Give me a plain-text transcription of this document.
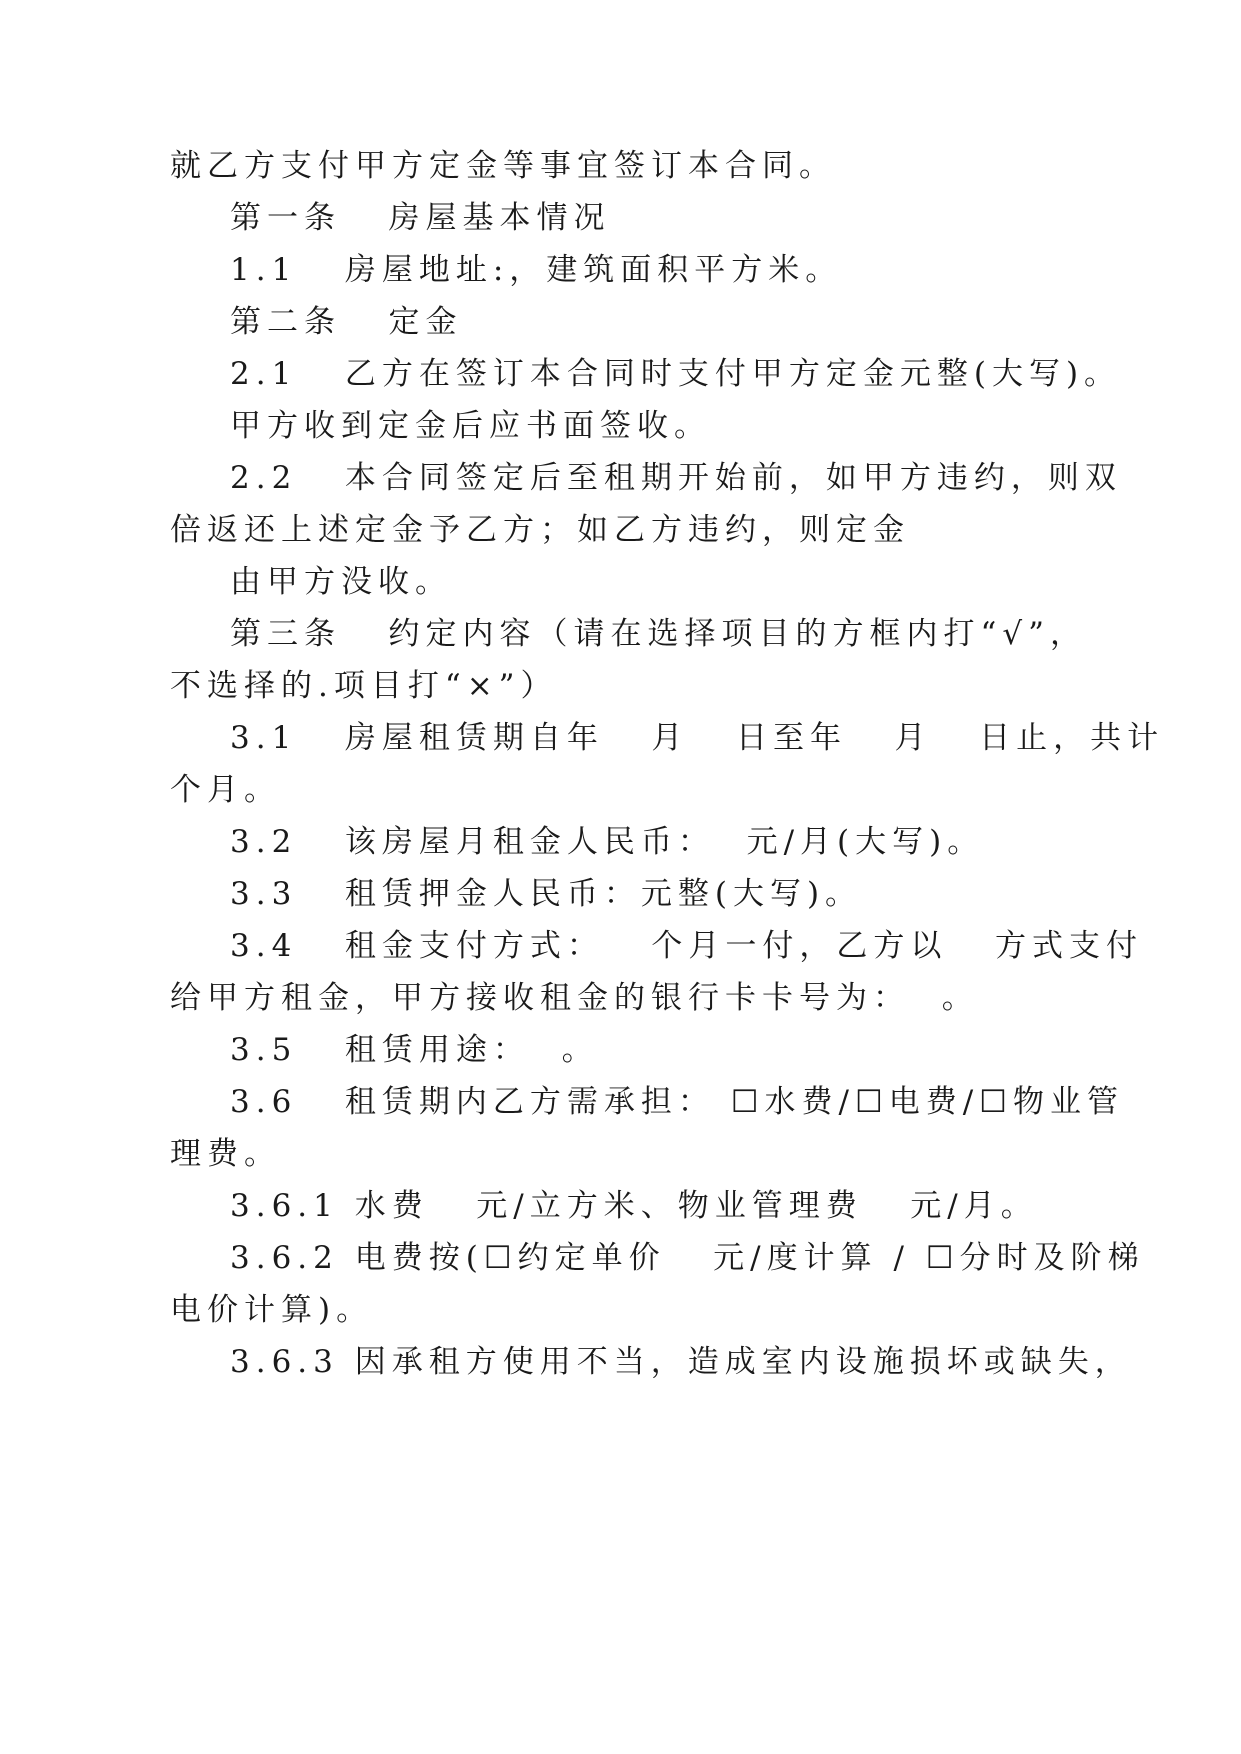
就乙方支付甲方定金等事宜签订本合同。
第一条   房屋基本情况
1.1   房屋地址:，建筑面积平方米。
第二条   定金
2.1   乙方在签订本合同时支付甲方定金元整(大写)。
甲方收到定金后应书面签收。
2.2   本合同签定后至租期开始前，如甲方违约，则双
倍返还上述定金予乙方；如乙方违约，则定金
由甲方没收。
第三条   约定内容（请在选择项目的方框内打“√”，
不选择的.项目打“×”）
3.1   房屋租赁期自年   月   日至年   月   日止，共计
个月。
3.2   该房屋月租金人民币：  元/月(大写)。
3.3   租赁押金人民币：元整(大写)。
3.4   租金支付方式：   个月一付，乙方以   方式支付
给甲方租金，甲方接收租金的银行卡卡号为：  。
3.5   租赁用途：  。
3.6   租赁期内乙方需承担： ☐水费/☐电费/☐物业管
理费。
3.6.1 水费   元/立方米、物业管理费   元/月。
3.6.2 电费按(☐约定单价   元/度计算 / ☐分时及阶梯
电价计算)。
3.6.3 因承租方使用不当，造成室内设施损坏或缺失，
